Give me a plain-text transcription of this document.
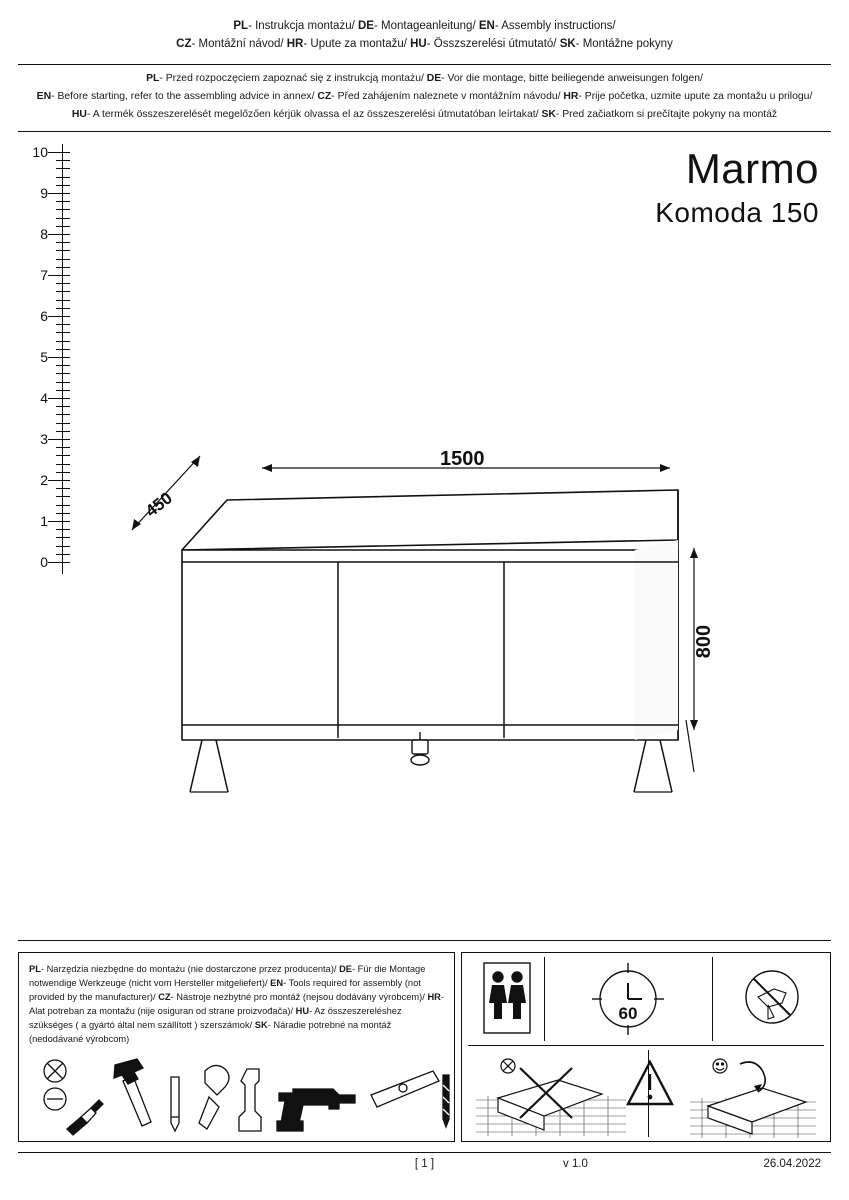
PL- Instrukcja montażu/ DE- Montageanleitung/ EN- Assembly instructions/
CZ- Montážní návod/ HR- Upute za montažu/ HU- Összszerelési útmutató/ SK- Montážne pokyny
PL- Przed rozpoczęciem zapoznać się z instrukcją montażu/ DE- Vor die montage, bitte beiliegende anweisungen folgen/
EN- Before starting, refer to the assembling advice in annex/ CZ- Před zahájením naleznete v montážním návodu/ HR- Prije početka, uzmite upute za montažu u prilogu/
HU- A termék összeszerelését megelőzően kérjük olvassa el az összeszerelési útmutatóban leírtakat/ SK- Pred začiatkom si prečítajte pokyny na montáž
Marmo
Komoda 150
10
9
8
7
6
5
4
3
2
1
0
1500
450
800
PL- Narzędzia niezbędne do montażu (nie dostarczone przez producenta)/ DE- Für die Montage notwendige Werkzeuge (nicht vom Hersteller mitgeliefert)/ EN- Tools required for assembly (not provided by the manufacturer)/ CZ- Nástroje nezbytné pro montáž (nejsou dodávány výrobcem)/ HR- Alat potreban za montažu (nije osiguran od strane proizvođača)/ HU- Az összeszereléshez szükséges ( a gyártó által nem szállított ) szerszámok/ SK- Náradie potrebné na montáž (nedodávané výrobcom)
60
[ 1 ]	v 1.0	26.04.2022
